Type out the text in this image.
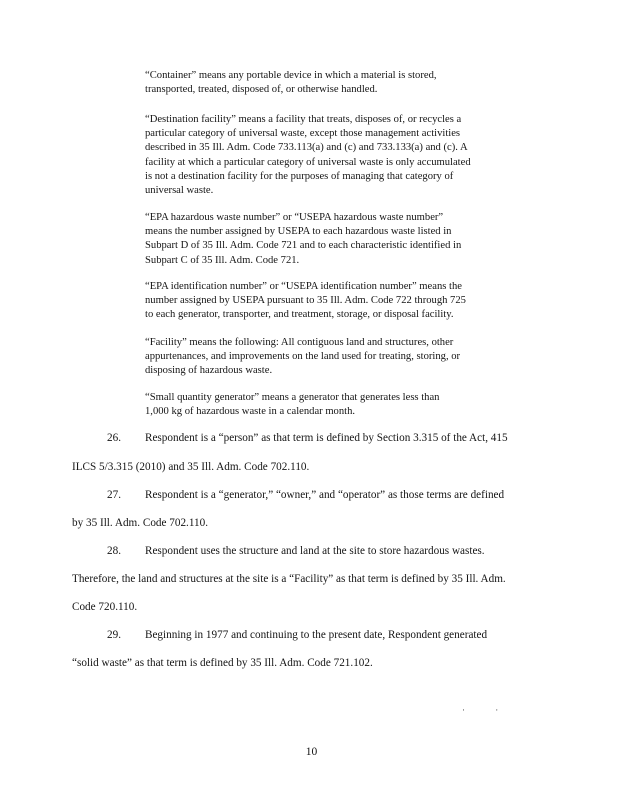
“Container” means any portable device in which a material is stored,

transported, treated, disposed of, or otherwise handled.

“Destination facility” means a facility that treats, disposes of, or recycles a

particular category of universal waste, except those management activities

described in 35 Ill. Adm. Code 733.113(a) and (c) and 733.133(a) and (c). A

facility at which a particular category of universal waste is only accumulated

is not a destination facility for the purposes of managing that category of

universal waste.

“EPA hazardous waste number” or “USEPA hazardous waste number”

means the number assigned by USEPA to each hazardous waste listed in

Subpart D of 35 Ill. Adm. Code 721 and to each characteristic identified in

Subpart C of 35 Ill. Adm. Code 721.

“EPA identification number” or “USEPA identification number” means the

number assigned by USEPA pursuant to 35 Ill. Adm. Code 722 through 725

to each generator, transporter, and treatment, storage, or disposal facility.

“Facility” means the following: All contiguous land and structures, other

appurtenances, and improvements on the land used for treating, storing, or

disposing of hazardous waste.

“Small quantity generator” means a generator that generates less than

1,000 kg of hazardous waste in a calendar month.

26. Respondent is a “person” as that term is defined by Section 3.315 of the Act, 415
ILCS 5/3.315 (2010) and 35 Ill. Adm. Code 702.110.
27. Respondent is a “generator,” “owner,” and “operator” as those terms are defined
by 35 Ill. Adm. Code 702.110.
28. Respondent uses the structure and land at the site to store hazardous wastes.
Therefore, the land and structures at the site is a “Facility” as that term is defined by 35 Ill. Adm.
Code 720.110.
29. Beginning in 1977 and continuing to the present date, Respondent generated
“solid waste” as that term is defined by 35 Ill. Adm. Code 721.102.
· ·
10
